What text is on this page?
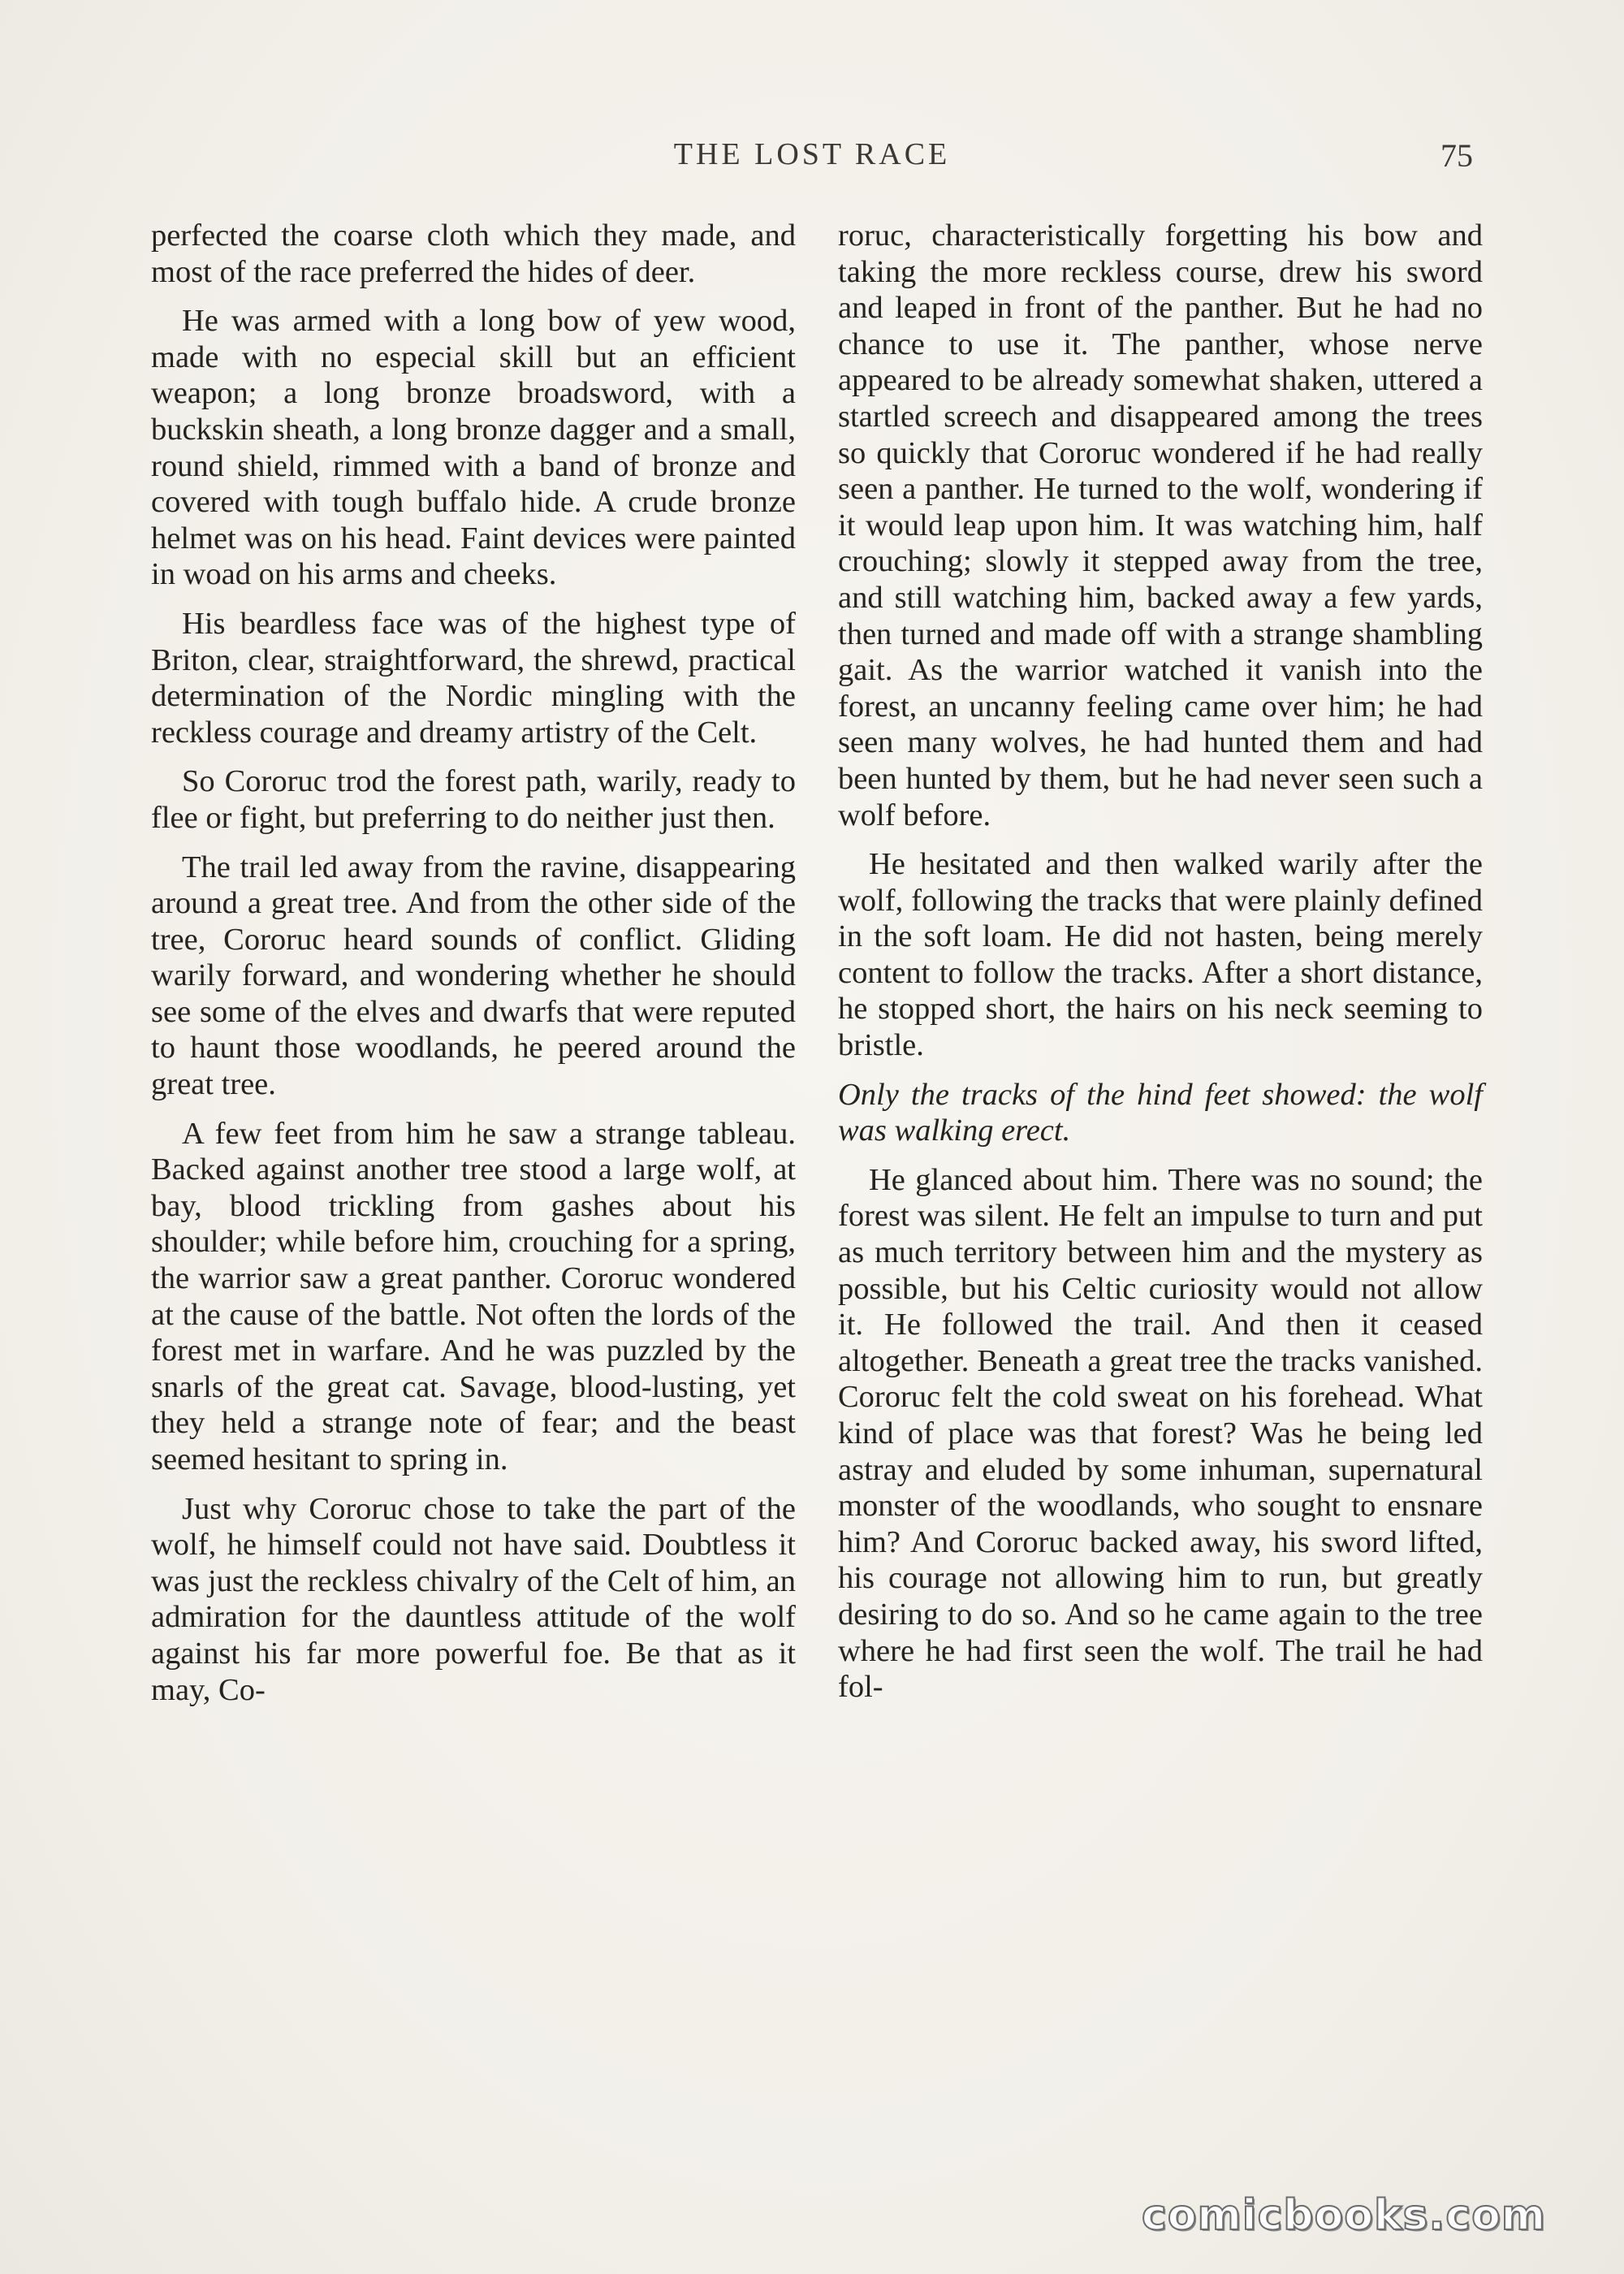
THE LOST RACE	75

perfected the coarse cloth which they made, and most of the race preferred the hides of deer.

He was armed with a long bow of yew wood, made with no especial skill but an efficient weapon; a long bronze broadsword, with a buckskin sheath, a long bronze dagger and a small, round shield, rimmed with a band of bronze and covered with tough buffalo hide. A crude bronze helmet was on his head. Faint devices were painted in woad on his arms and cheeks.

His beardless face was of the highest type of Briton, clear, straightforward, the shrewd, practical determination of the Nordic mingling with the reckless courage and dreamy artistry of the Celt.

So Cororuc trod the forest path, warily, ready to flee or fight, but preferring to do neither just then.

The trail led away from the ravine, disappearing around a great tree. And from the other side of the tree, Cororuc heard sounds of conflict. Gliding warily forward, and wondering whether he should see some of the elves and dwarfs that were reputed to haunt those woodlands, he peered around the great tree.

A few feet from him he saw a strange tableau. Backed against another tree stood a large wolf, at bay, blood trickling from gashes about his shoulder; while before him, crouching for a spring, the warrior saw a great panther. Cororuc wondered at the cause of the battle. Not often the lords of the forest met in warfare. And he was puzzled by the snarls of the great cat. Savage, blood-lusting, yet they held a strange note of fear; and the beast seemed hesitant to spring in.

Just why Cororuc chose to take the part of the wolf, he himself could not have said. Doubtless it was just the reckless chivalry of the Celt of him, an admiration for the dauntless attitude of the wolf against his far more powerful foe. Be that as it may, Co-

roruc, characteristically forgetting his bow and taking the more reckless course, drew his sword and leaped in front of the panther. But he had no chance to use it. The panther, whose nerve appeared to be already somewhat shaken, uttered a startled screech and disappeared among the trees so quickly that Cororuc wondered if he had really seen a panther. He turned to the wolf, wondering if it would leap upon him. It was watching him, half crouching; slowly it stepped away from the tree, and still watching him, backed away a few yards, then turned and made off with a strange shambling gait. As the warrior watched it vanish into the forest, an uncanny feeling came over him; he had seen many wolves, he had hunted them and had been hunted by them, but he had never seen such a wolf before.

He hesitated and then walked warily after the wolf, following the tracks that were plainly defined in the soft loam. He did not hasten, being merely content to follow the tracks. After a short distance, he stopped short, the hairs on his neck seeming to bristle.

Only the tracks of the hind feet showed: the wolf was walking erect.

He glanced about him. There was no sound; the forest was silent. He felt an impulse to turn and put as much territory between him and the mystery as possible, but his Celtic curiosity would not allow it. He followed the trail. And then it ceased altogether. Beneath a great tree the tracks vanished. Cororuc felt the cold sweat on his forehead. What kind of place was that forest? Was he being led astray and eluded by some inhuman, supernatural monster of the woodlands, who sought to ensnare him? And Cororuc backed away, his sword lifted, his courage not allowing him to run, but greatly desiring to do so. And so he came again to the tree where he had first seen the wolf. The trail he had fol-

comicbooks.com
